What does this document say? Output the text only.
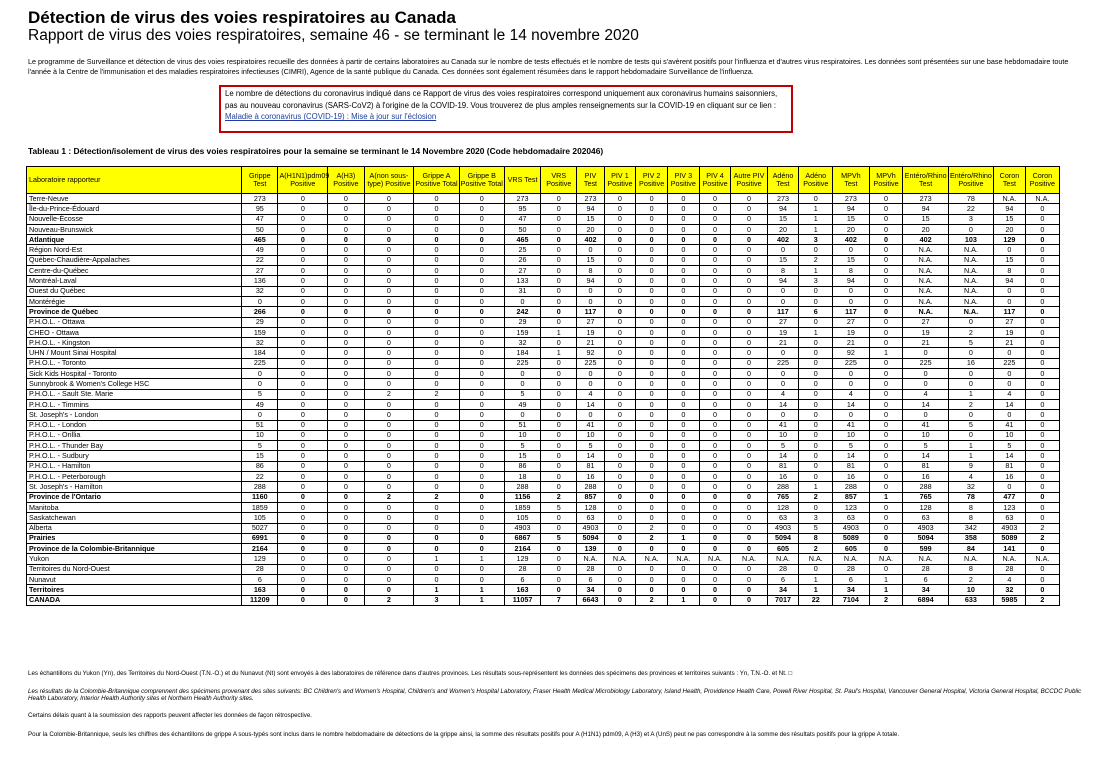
Détection de virus des voies respiratoires au Canada
Rapport de virus des voies respiratoires, semaine 46 - se terminant le 14 novembre 2020
Le programme de Surveillance et détection de virus des voies respiratoires recueille des données à partir de certains laboratoires au Canada sur le nombre de tests effectués et le nombre de tests qui s'avèrent positifs pour l'influenza et d'autres virus respiratoires. Les données sont présentées sur une base hebdomadaire toute l'année à la Centre de l'immunisation et des maladies respiratoires infectieuses (CIMRI), Agence de la santé publique du Canada. Ces données sont également résumées dans le rapport hebdomadaire Surveillance de l'influenza.
Le nombre de détections du coronavirus indiqué dans ce Rapport de virus des voies respiratoires correspond uniquement aux coronavirus humains saisonniers, pas au nouveau coronavirus (SARS-CoV2) à l'origine de la COVID-19. Vous trouverez de plus amples renseignements sur la COVID-19 en cliquant sur ce lien : Maladie à coronavirus (COVID-19) : Mise à jour sur l'éclosion
Tableau 1 : Détection/isolement de virus des voies respiratoires pour la semaine se terminant le 14 Novembre 2020 (Code hebdomadaire 202046)
Laboratoire rapporteur	Grippe Test	A(H1N1)pdm09 Positive	A(H3) Positive	A(non sous-type) Positive	Grippe A Positive Total	Grippe B Positive Total	VRS Test	VRS Positive	PIV Test	PIV 1 Positive	PIV 2 Positive	PIV 3 Positive	PIV 4 Positive	Autre PIV Positive	Adéno Test	Adéno Positive	MPVh Test	MPVh Positive	Entéro/Rhino Test	Entéro/Rhino Positive	Coron Test	Coron Positive
Terre-Neuve	273	0	0	0	0	0	273	0	273	0	0	0	0	0	273	0	273	0	273	78	N.A.	N.A.
Île-du-Prince-Édouard	95	0	0	0	0	0	95	0	94	0	0	0	0	0	94	1	94	0	94	22	94	0
Nouvelle-Écosse	47	0	0	0	0	0	47	0	15	0	0	0	0	0	15	1	15	0	15	3	15	0
Nouveau-Brunswick	50	0	0	0	0	0	50	0	20	0	0	0	0	0	20	1	20	0	20	0	20	0
Atlantique	465	0	0	0	0	0	465	0	402	0	0	0	0	0	402	3	402	0	402	103	129	0
Région Nord-Est	49	0	0	0	0	0	25	0	0	0	0	0	0	0	0	0	0	0	N.A.	N.A.	0	0
Québec-Chaudière-Appalaches	22	0	0	0	0	0	26	0	15	0	0	0	0	0	15	2	15	0	N.A.	N.A.	15	0
Centre-du-Québec	27	0	0	0	0	0	27	0	8	0	0	0	0	0	8	1	8	0	N.A.	N.A.	8	0
Montréal-Laval	136	0	0	0	0	0	133	0	94	0	0	0	0	0	94	3	94	0	N.A.	N.A.	94	0
Ouest du Québec	32	0	0	0	0	0	31	0	0	0	0	0	0	0	0	0	0	0	N.A.	N.A.	0	0
Montérégie	0	0	0	0	0	0	0	0	0	0	0	0	0	0	0	0	0	0	N.A.	N.A.	0	0
Province de Québec	266	0	0	0	0	0	242	0	117	0	0	0	0	0	117	6	117	0	N.A.	N.A.	117	0
P.H.O.L. - Ottawa	29	0	0	0	0	0	29	0	27	0	0	0	0	0	27	0	27	0	27	0	27	0
CHEO - Ottawa	159	0	0	0	0	0	159	1	19	0	0	0	0	0	19	1	19	0	19	2	19	0
P.H.O.L. - Kingston	32	0	0	0	0	0	32	0	21	0	0	0	0	0	21	0	21	0	21	5	21	0
UHN / Mount Sinai Hospital	184	0	0	0	0	0	184	1	92	0	0	0	0	0	0	0	92	1	0	0	0	0
P.H.O.L. - Toronto	225	0	0	0	0	0	225	0	225	0	0	0	0	0	225	0	225	0	225	16	225	0
Sick Kids Hospital - Toronto	0	0	0	0	0	0	0	0	0	0	0	0	0	0	0	0	0	0	0	0	0	0
Sunnybrook & Women's College HSC	0	0	0	0	0	0	0	0	0	0	0	0	0	0	0	0	0	0	0	0	0	0
P.H.O.L. - Sault Ste. Marie	5	0	0	2	2	0	5	0	4	0	0	0	0	0	4	0	4	0	4	1	4	0
P.H.O.L. - Timmins	49	0	0	0	0	0	49	0	14	0	0	0	0	0	14	0	14	0	14	2	14	0
St. Joseph's - London	0	0	0	0	0	0	0	0	0	0	0	0	0	0	0	0	0	0	0	0	0	0
P.H.O.L. - London	51	0	0	0	0	0	51	0	41	0	0	0	0	0	41	0	41	0	41	5	41	0
P.H.O.L. - Orillia	10	0	0	0	0	0	10	0	10	0	0	0	0	0	10	0	10	0	10	0	10	0
P.H.O.L. - Thunder Bay	5	0	0	0	0	0	5	0	5	0	0	0	0	0	5	0	5	0	5	1	5	0
P.H.O.L. - Sudbury	15	0	0	0	0	0	15	0	14	0	0	0	0	0	14	0	14	0	14	1	14	0
P.H.O.L. - Hamilton	86	0	0	0	0	0	86	0	81	0	0	0	0	0	81	0	81	0	81	9	81	0
P.H.O.L. - Peterborough	22	0	0	0	0	0	18	0	16	0	0	0	0	0	16	0	16	0	16	4	16	0
St. Joseph's - Hamilton	288	0	0	0	0	0	288	0	288	0	0	0	0	0	288	1	288	0	288	32	0	0
Province de l'Ontario	1160	0	0	2	2	0	1156	2	857	0	0	0	0	0	765	2	857	1	765	78	477	0
Manitoba	1859	0	0	0	0	0	1859	5	128	0	0	0	0	0	128	0	123	0	128	8	123	0
Saskatchewan	105	0	0	0	0	0	105	0	63	0	0	0	0	0	63	3	63	0	63	8	63	0
Alberta	5027	0	0	0	0	0	4903	0	4903	0	2	0	0	0	4903	5	4903	0	4903	342	4903	2
Prairies	6991	0	0	0	0	0	6867	5	5094	0	2	1	0	0	5094	8	5089	0	5094	358	5089	2
Province de la Colombie-Britannique	2164	0	0	0	0	0	2164	0	139	0	0	0	0	0	605	2	605	0	599	84	141	0
Yukon	129	0	0	0	1	1	129	0	N.A.	N.A.	N.A.	N.A.	N.A.	N.A.	N.A.	N.A.	N.A.	N.A.	N.A.	N.A.	N.A.	N.A.
Territoires du Nord-Ouest	28	0	0	0	0	0	28	0	28	0	0	0	0	0	28	0	28	0	28	8	28	0
Nunavut	6	0	0	0	0	0	6	0	6	0	0	0	0	0	6	1	6	1	6	2	4	0
Territoires	163	0	0	0	1	1	163	0	34	0	0	0	0	0	34	1	34	1	34	10	32	0
CANADA	11209	0	0	2	3	1	11057	7	6643	0	2	1	0	0	7017	22	7104	2	6894	633	5985	2
Les échantillons du Yukon (Yn), des Territoires du Nord-Ouest (T.N.-O.) et du Nunavut (Nt) sont envoyés à des laboratoires de référence dans d'autres provinces. Les résultats sous-représentent les données des spécimens des provinces et territoires suivants : Yn, T.N.-O. et Nt. □
Les résultats de la Colombie-Britannique comprennent des spécimens provenant des sites suivants: BC Children's and Women's Hospital, Children's and Women's Hospital Laboratory, Fraser Health Medical Microbiology Laboratory, Island Health, Providence Health Care, Powell River Hospital, St. Paul's Hospital, Vancouver General Hospital, Victoria General Hospital, BCCDC Public Health Laboratory, Interior Health Authority sites et Northern Health Authority sites.
Certains délais quant à la soumission des rapports peuvent affecter les données de façon rétrospective.
Pour la Colombie-Britannique, seuls les chiffres des échantillons de grippe A sous-typés sont inclus dans le nombre hebdomadaire de détections de la grippe ainsi, la somme des résultats positifs pour A (H1N1) pdm09, A (H3) et A (UnS) peut ne pas correspondre à la somme des résultats positifs pour la grippe A totale.
